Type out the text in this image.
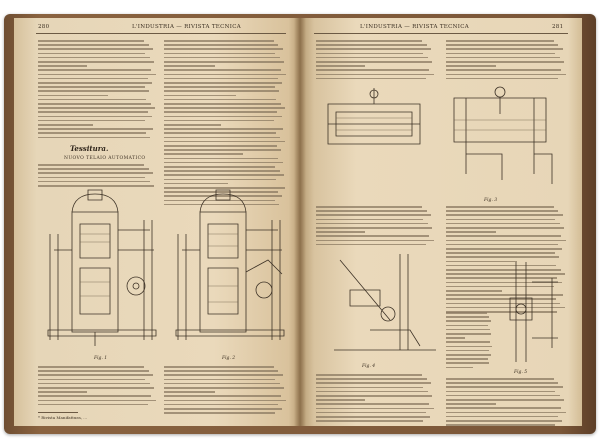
280	L'INDUSTRIA — RIVISTA TECNICA
Tessitura.
NUOVO TELAIO AUTOMATICO
Fig. 1	Fig. 2
* Rivista Manifattura, ...
L'INDUSTRIA — RIVISTA TECNICA	281
Fig. 3
Fig. 4
Fig. 5
